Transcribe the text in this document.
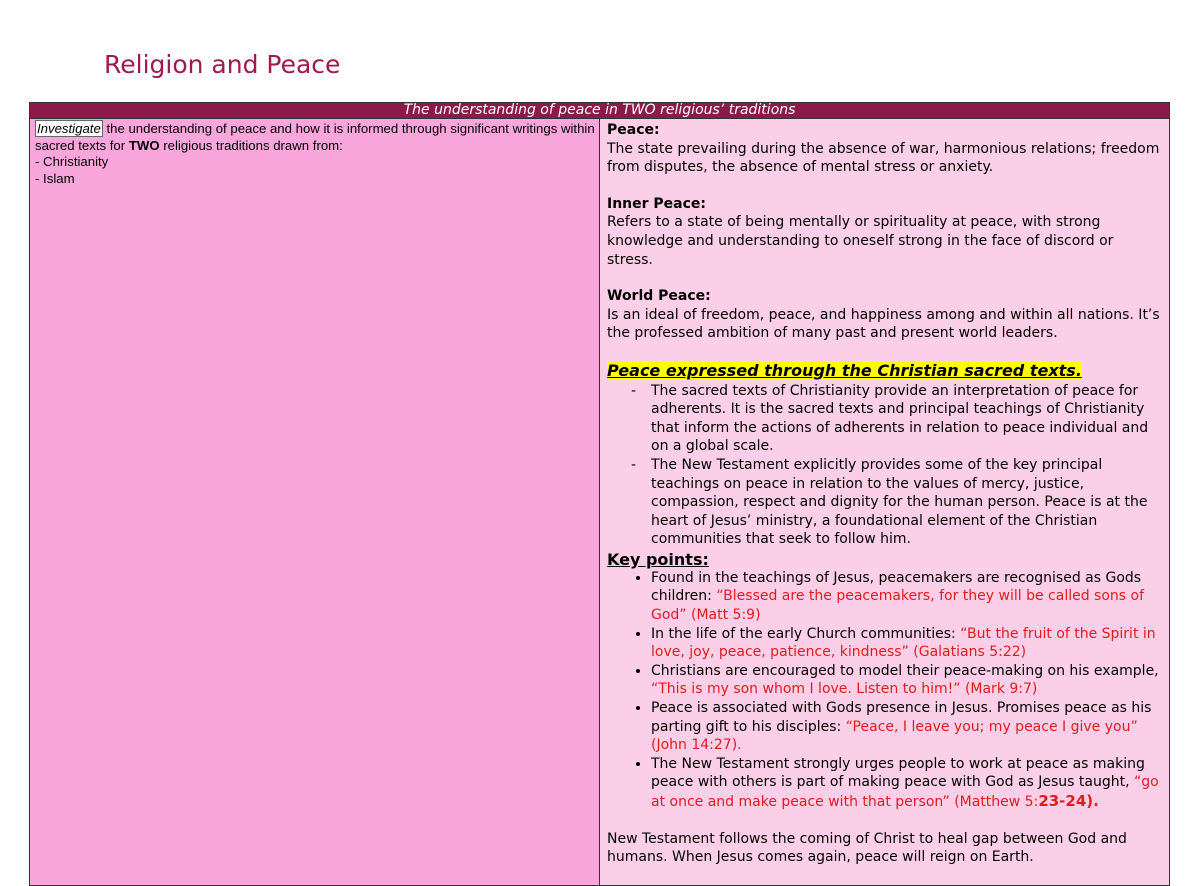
Religion and Peace
The understanding of peace in TWO religious’ traditions
Investigate the understanding of peace and how it is informed through significant writings within sacred texts for TWO religious traditions drawn from:
- Christianity
- Islam	
Peace:
The state prevailing during the absence of war, harmonious relations; freedom from disputes, the absence of mental stress or anxiety.
Inner Peace:
Refers to a state of being mentally or spirituality at peace, with strong knowledge and understanding to oneself strong in the face of discord or stress.
World Peace:
Is an ideal of freedom, peace, and happiness among and within all nations. It’s the professed ambition of many past and present world leaders.
Peace expressed through the Christian sacred texts.
- The sacred texts of Christianity provide an interpretation of peace for adherents. It is the sacred texts and principal teachings of Christianity that inform the actions of adherents in relation to peace individual and on a global scale.
- The New Testament explicitly provides some of the key principal teachings on peace in relation to the values of mercy, justice, compassion, respect and dignity for the human person. Peace is at the heart of Jesus’ ministry, a foundational element of the Christian communities that seek to follow him.
Key points:
• Found in the teachings of Jesus, peacemakers are recognised as Gods children: “Blessed are the peacemakers, for they will be called sons of God” (Matt 5:9)
• In the life of the early Church communities: “But the fruit of the Spirit in love, joy, peace, patience, kindness” (Galatians 5:22)
• Christians are encouraged to model their peace-making on his example, “This is my son whom I love. Listen to him!” (Mark 9:7)
• Peace is associated with Gods presence in Jesus. Promises peace as his parting gift to his disciples: “Peace, I leave you; my peace I give you” (John 14:27).
• The New Testament strongly urges people to work at peace as making peace with others is part of making peace with God as Jesus taught, “go at once and make peace with that person” (Matthew 5:23-24).
New Testament follows the coming of Christ to heal gap between God and humans. When Jesus comes again, peace will reign on Earth.
